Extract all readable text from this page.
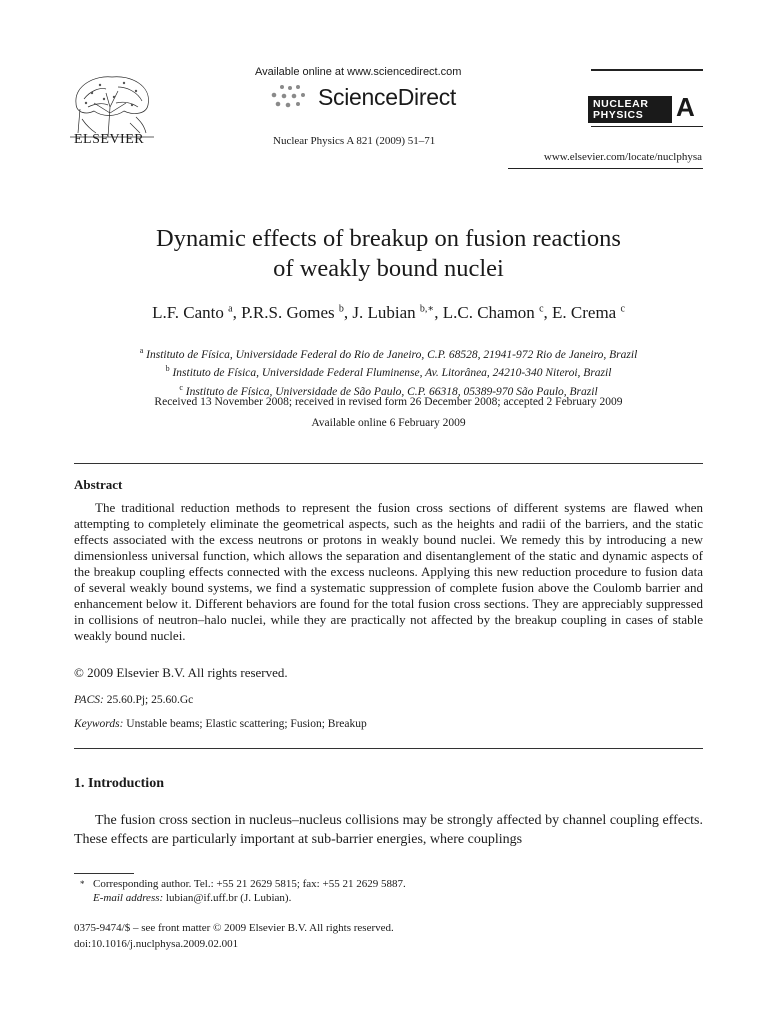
ELSEVIER
Available online at www.sciencedirect.com
ScienceDirect
Nuclear Physics A 821 (2009) 51–71
NUCLEAR
PHYSICS	A
www.elsevier.com/locate/nuclphysa
Dynamic effects of breakup on fusion reactions
of weakly bound nuclei
L.F. Canto $^a$, P.R.S. Gomes $^b$, J. Lubian $^{b,∗}$, L.C. Chamon $^c$, E. Crema $^c$
$^a$ Instituto de Física, Universidade Federal do Rio de Janeiro, C.P. 68528, 21941-972 Rio de Janeiro, Brazil
$^b$ Instituto de Física, Universidade Federal Fluminense, Av. Litorânea, 24210-340 Niteroi, Brazil
$^c$ Instituto de Física, Universidade de São Paulo, C.P. 66318, 05389-970 São Paulo, Brazil
Received 13 November 2008; received in revised form 26 December 2008; accepted 2 February 2009
Available online 6 February 2009
Abstract
The traditional reduction methods to represent the fusion cross sections of different systems are flawed when attempting to completely eliminate the geometrical aspects, such as the heights and radii of the barriers, and the static effects associated with the excess neutrons or protons in weakly bound nuclei. We remedy this by introducing a new dimensionless universal function, which allows the separation and disentanglement of the static and dynamic aspects of the breakup coupling effects connected with the excess nucleons. Applying this new reduction procedure to fusion data of several weakly bound systems, we find a systematic suppression of complete fusion above the Coulomb barrier and enhancement below it. Different behaviors are found for the total fusion cross sections. They are appreciably suppressed in collisions of neutron–halo nuclei, while they are practically not affected by the breakup coupling in cases of stable weakly bound nuclei.
© 2009 Elsevier B.V. All rights reserved.
PACS: 25.60.Pj; 25.60.Gc
Keywords: Unstable beams; Elastic scattering; Fusion; Breakup
1. Introduction
The fusion cross section in nucleus–nucleus collisions may be strongly affected by channel coupling effects. These effects are particularly important at sub-barrier energies, where couplings
* Corresponding author. Tel.: +55 21 2629 5815; fax: +55 21 2629 5887.
E-mail address: lubian@if.uff.br (J. Lubian).
0375-9474/$ – see front matter © 2009 Elsevier B.V. All rights reserved.
doi:10.1016/j.nuclphysa.2009.02.001
